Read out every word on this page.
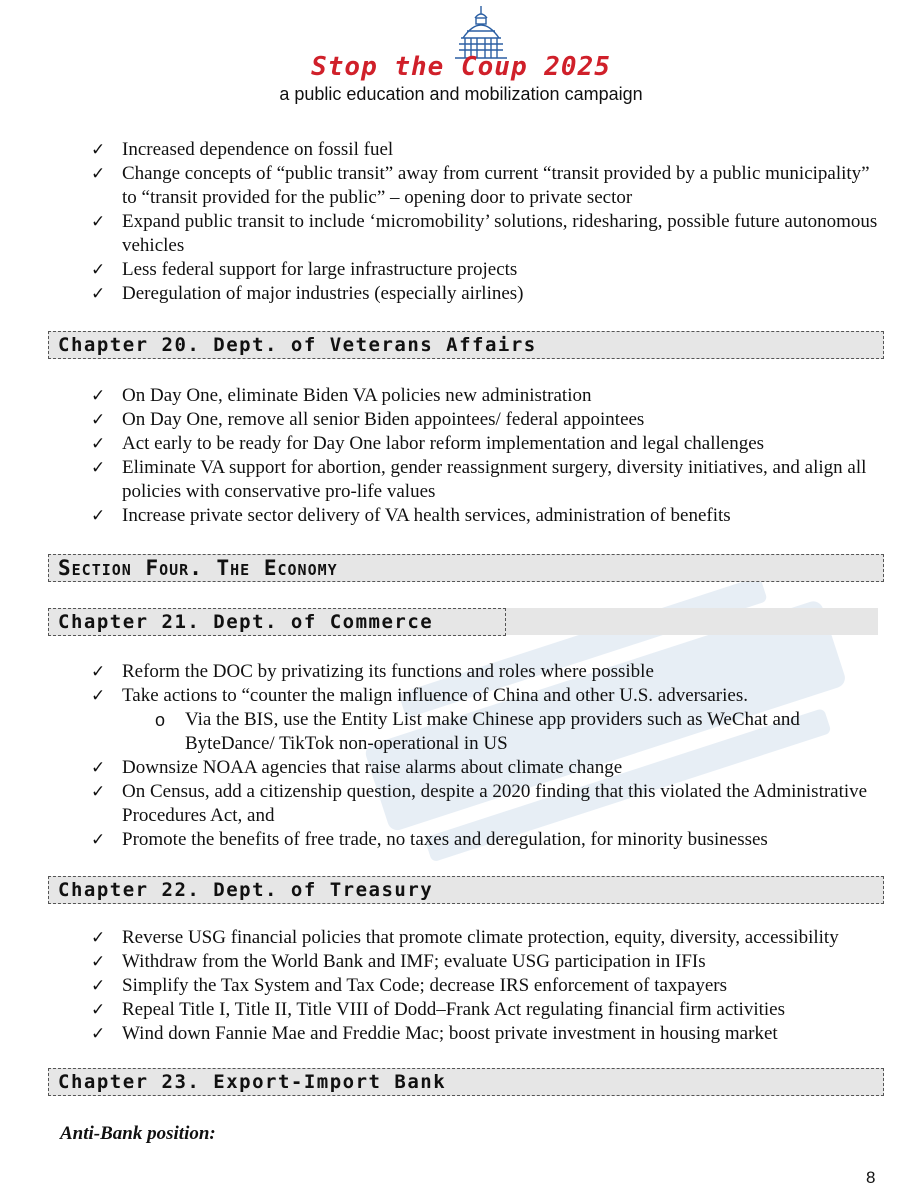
Stop the Coup 2025
a public education and mobilization campaign
✓ Increased dependence on fossil fuel
✓ Change concepts of “public transit” away from current “transit provided by a public municipality” to “transit provided for the public” – opening door to private sector
✓ Expand public transit to include ‘micromobility’ solutions, ridesharing, possible future autonomous vehicles
✓ Less federal support for large infrastructure projects
✓ Deregulation of major industries (especially airlines)
Chapter 20. Dept. of Veterans Affairs
✓ On Day One, eliminate Biden VA policies new administration
✓ On Day One, remove all senior Biden appointees/ federal appointees
✓ Act early to be ready for Day One labor reform implementation and legal challenges
✓ Eliminate VA support for abortion, gender reassignment surgery, diversity initiatives, and align all policies with conservative pro-life values
✓ Increase private sector delivery of VA health services, administration of benefits
Section Four. The Economy
Chapter 21. Dept. of Commerce
✓ Reform the DOC by privatizing its functions and roles where possible
✓ Take actions to “counter the malign influence of China and other U.S. adversaries.
o Via the BIS, use the Entity List make Chinese app providers such as WeChat and ByteDance/ TikTok non-operational in US
✓ Downsize NOAA agencies that raise alarms about climate change
✓ On Census, add a citizenship question, despite a 2020 finding that this violated the Administrative Procedures Act, and
✓ Promote the benefits of free trade, no taxes and deregulation, for minority businesses
Chapter 22. Dept. of Treasury
✓ Reverse USG financial policies that promote climate protection, equity, diversity, accessibility
✓ Withdraw from the World Bank and IMF; evaluate USG participation in IFIs
✓ Simplify the Tax System and Tax Code; decrease IRS enforcement of taxpayers
✓ Repeal Title I, Title II, Title VIII of Dodd–Frank Act regulating financial firm activities
✓ Wind down Fannie Mae and Freddie Mac; boost private investment in housing market
Chapter 23. Export-Import Bank
Anti-Bank position:
8
